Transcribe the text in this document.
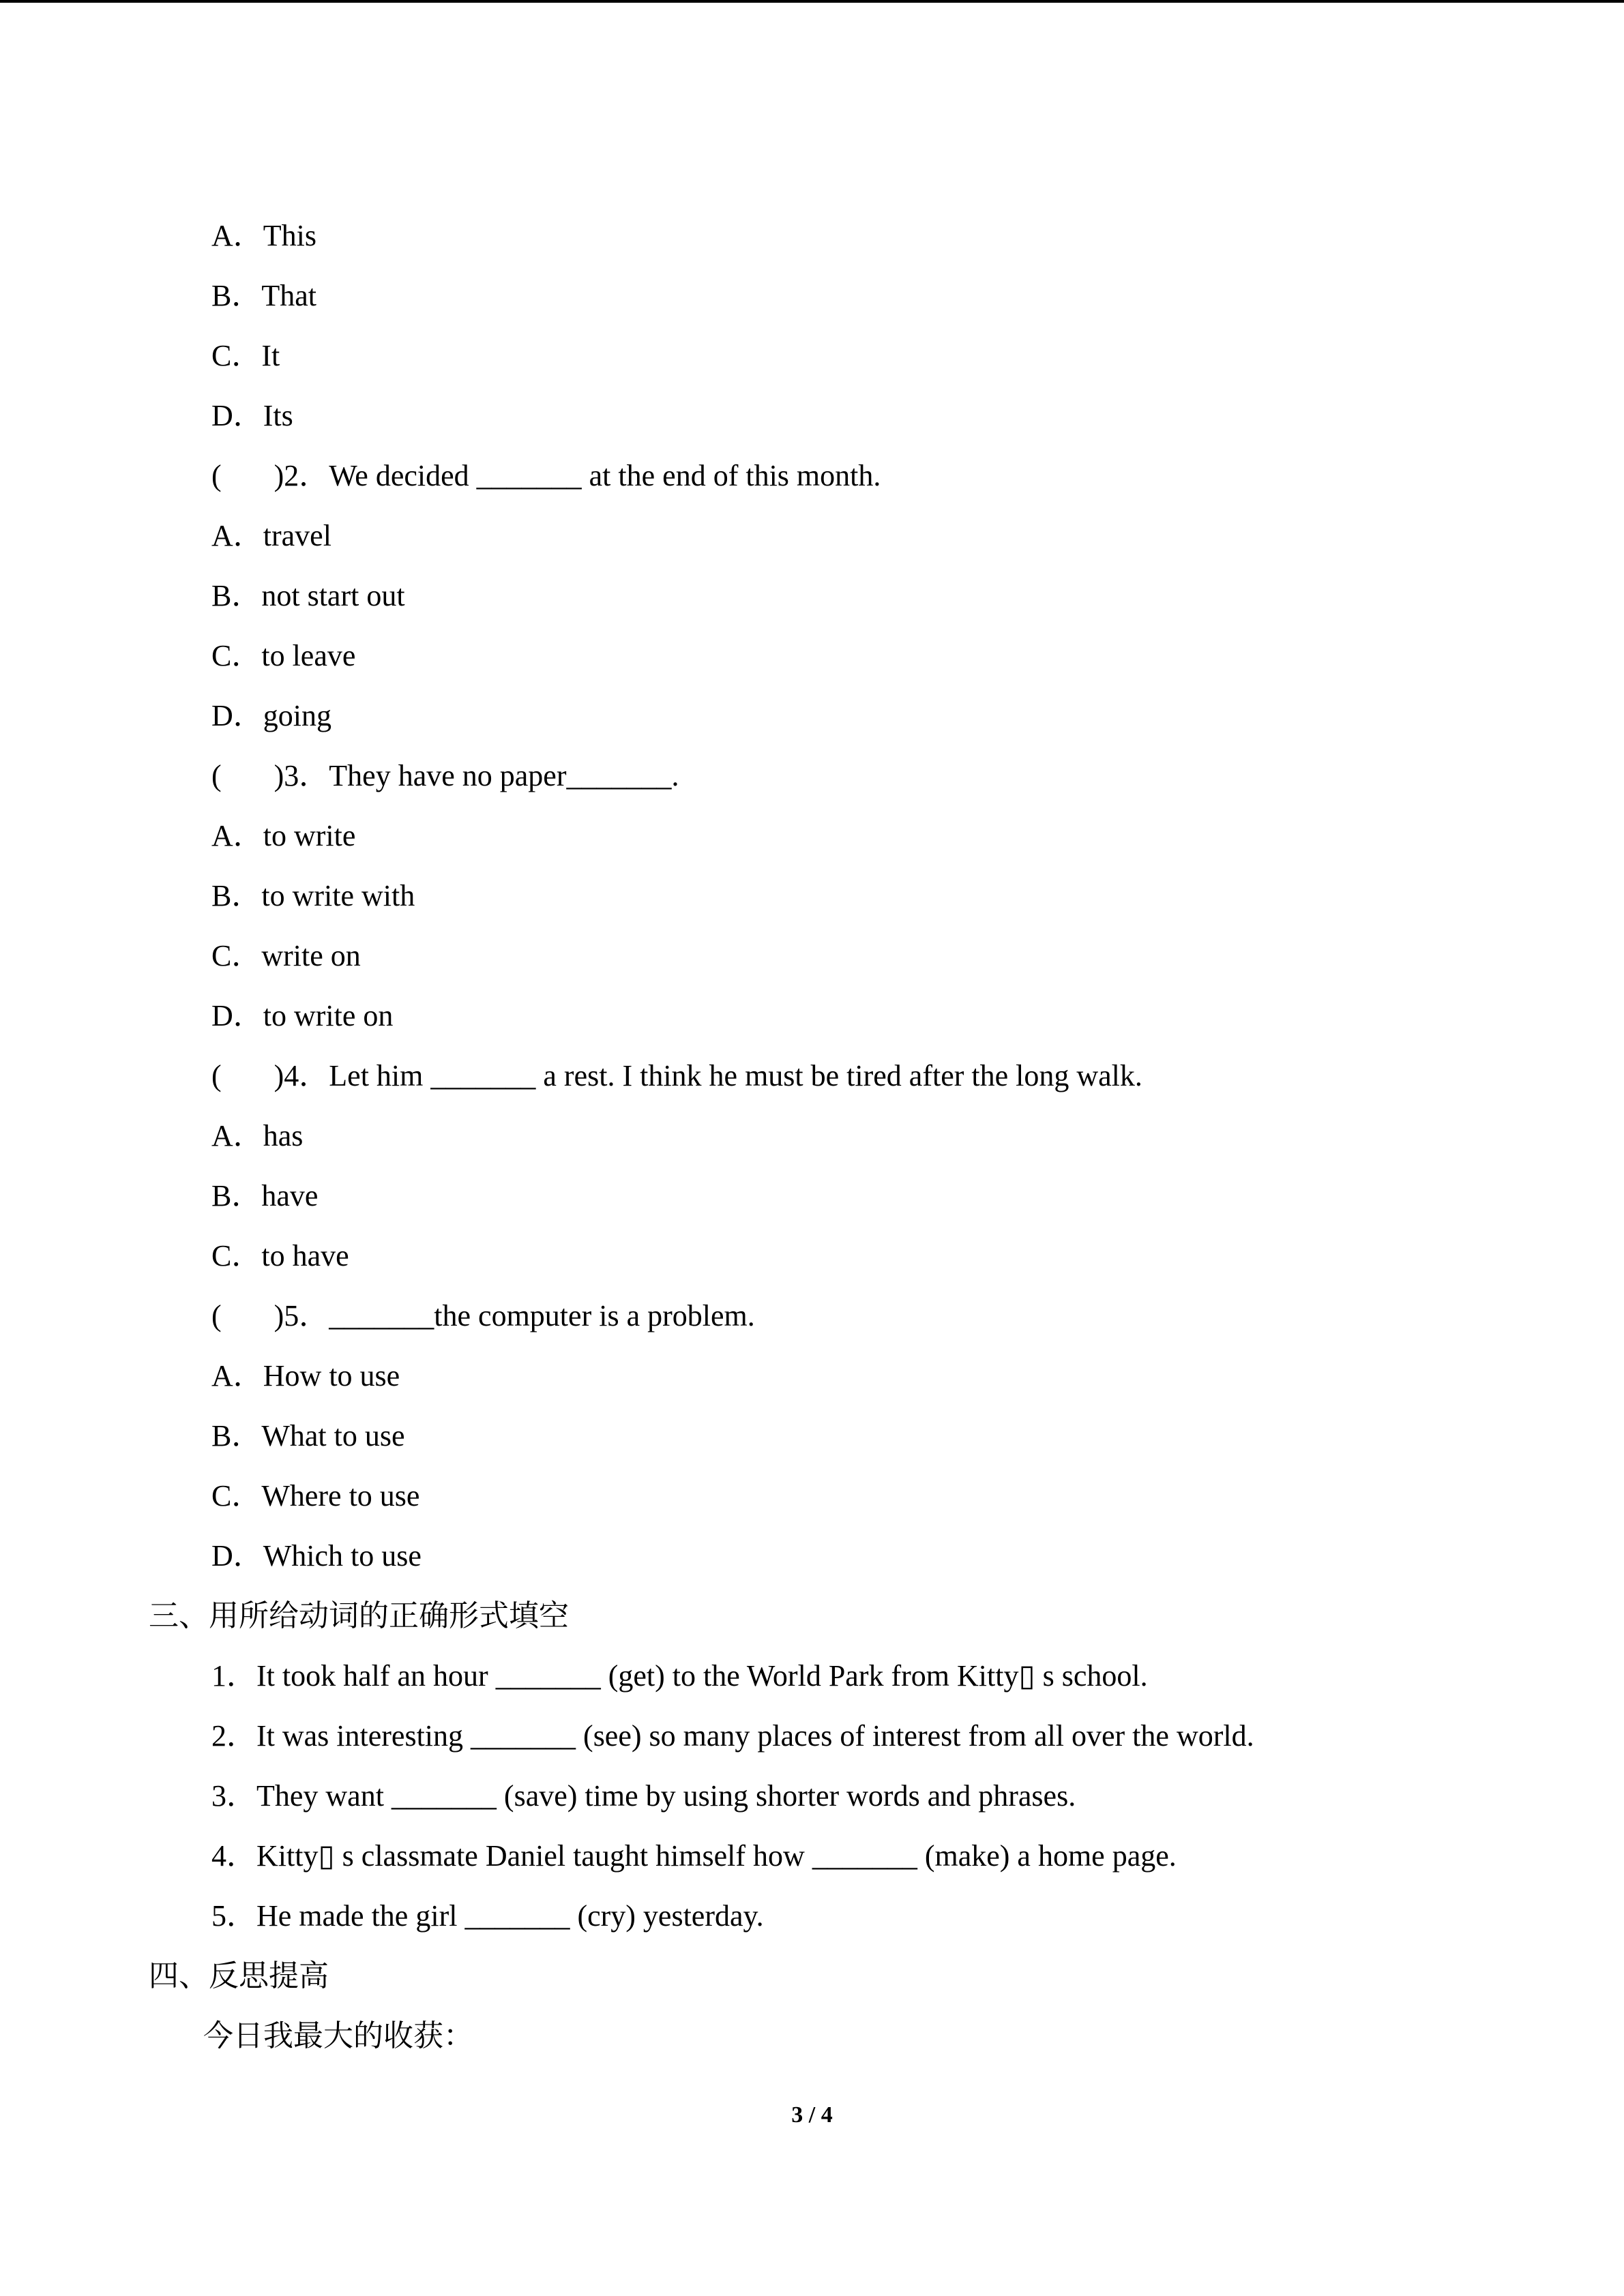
A．This
B．That
C．It
D．Its
(       )2．We decided _______ at the end of this month.
A．travel
B．not start out
C．to leave
D．going
(       )3．They have no paper_______.
A．to write
B．to write with
C．write on
D．to write on
(       )4．Let him _______ a rest. I think he must be tired after the long walk.
A．has
B．have
C．to have
(       )5．_______the computer is a problem.
A．How to use
B．What to use
C．Where to use
D．Which to use
三、用所给动词的正确形式填空
1．It took half an hour _______ (get) to the World Park from Kitty▯ s school.
2．It was interesting _______ (see) so many places of interest from all over the world.
3．They want _______ (save) time by using shorter words and phrases.
4．Kitty▯ s classmate Daniel taught himself how _______ (make) a home page.
5．He made the girl _______ (cry) yesterday.
四、反思提高
今日我最大的收获：
3 / 4
